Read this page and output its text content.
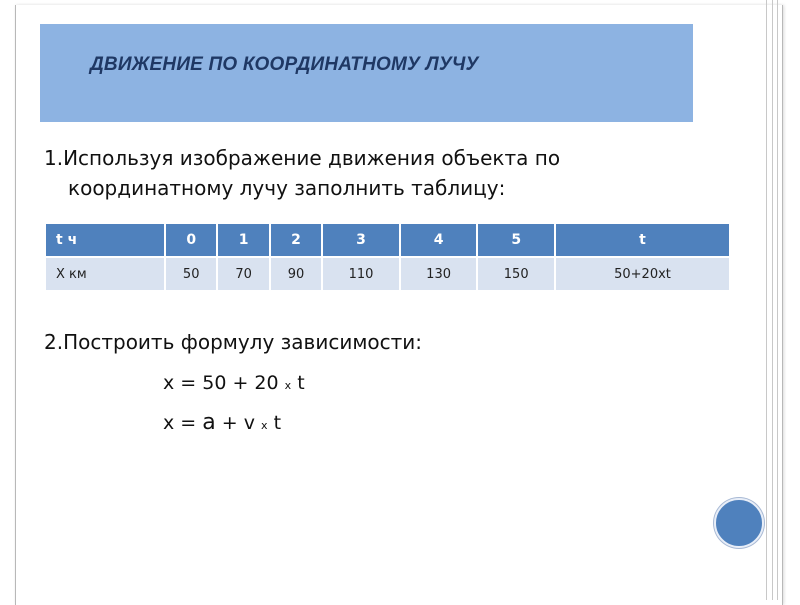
ДВИЖЕНИЕ ПО КООРДИНАТНОМУ ЛУЧУ
1.Используя изображение движения объекта по
координатному лучу заполнить таблицу:
t ч	0	1	2	3	4	5	t
X км	50	70	90	110	130	150	50+20xt
2.Построить формулу зависимости:
x = 50 + 20 x t
x = a + v x t
